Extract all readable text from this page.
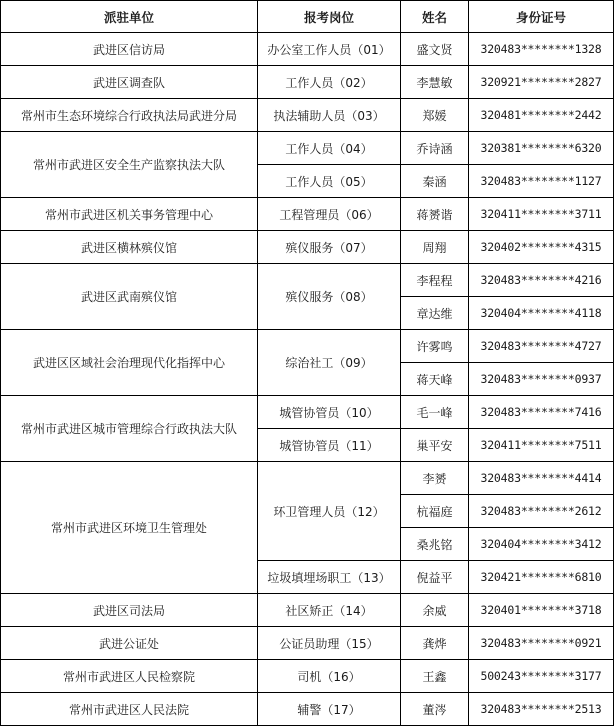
派驻单位	报考岗位	姓名	身份证号
武进区信访局	办公室工作人员（01）	盛文贤	320483********1328
武进区调查队	工作人员（02）	李慧敏	320921********2827
常州市生态环境综合行政执法局武进分局	执法辅助人员（03）	郑媛	320481********2442
常州市武进区安全生产监察执法大队	工作人员（04）	乔诗涵	320381********6320
	工作人员（05）	秦涵	320483********1127
常州市武进区机关事务管理中心	工程管理员（06）	蒋赟谐	320411********3711
武进区横林殡仪馆	殡仪服务（07）	周翔	320402********4315
武进区武南殡仪馆	殡仪服务（08）	李程程	320483********4216
		章达维	320404********4118
武进区区域社会治理现代化指挥中心	综治社工（09）	许雾鸣	320483********4727
		蒋天峰	320483********0937
常州市武进区城市管理综合行政执法大队	城管协管员（10）	毛一峰	320483********7416
	城管协管员（11）	巢平安	320411********7511
常州市武进区环境卫生管理处	环卫管理人员（12）	李赟	320483********4414
		杭福庭	320483********2612
		桑兆铭	320404********3412
	垃圾填埋场职工（13）	倪益平	320421********6810
武进区司法局	社区矫正（14）	余威	320401********3718
武进公证处	公证员助理（15）	龚烨	320483********0921
常州市武进区人民检察院	司机（16）	王鑫	500243********3177
常州市武进区人民法院	辅警（17）	董涔	320483********2513
